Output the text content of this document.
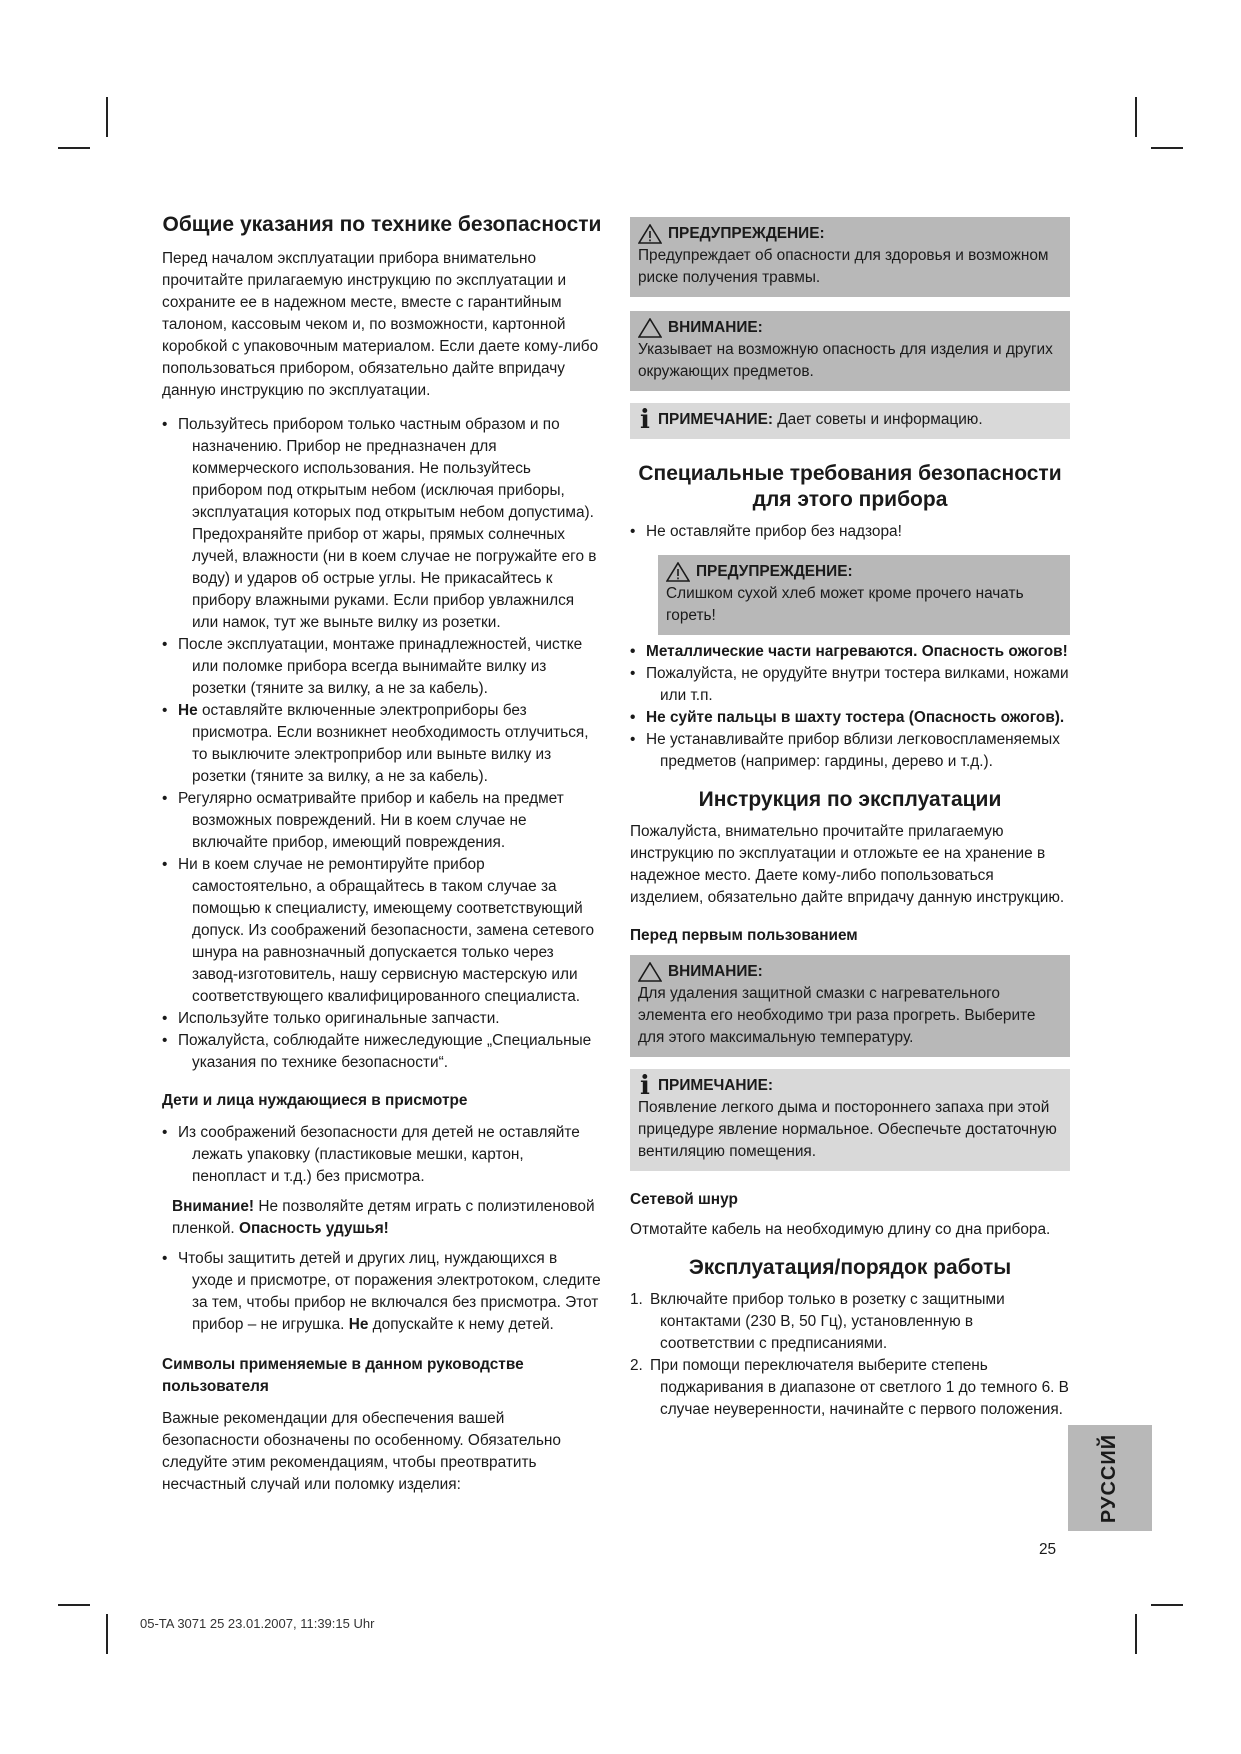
Общие указания по технике безопасности

Перед началом эксплуатации прибора внимательно прочитайте прилагаемую инструкцию по эксплуатации и сохраните ее в надежном месте, вместе с гарантийным талоном, кассовым чеком и, по возможности, картонной коробкой с упаковочным материалом. Если даете кому-либо попользоваться прибором, обязательно дайте впридачу данную инструкцию по эксплуатации.

• Пользуйтесь прибором только частным образом и по назначению. Прибор не предназначен для коммерческого использования. Не пользуйтесь прибором под открытым небом (исключая приборы, эксплуатация которых под открытым небом допустима). Предохраняйте прибор от жары, прямых солнечных лучей, влажности (ни в коем случае не погружайте его в воду) и ударов об острые углы. Не прикасайтесь к прибору влажными руками. Если прибор увлажнился или намок, тут же выньте вилку из розетки.
• После эксплуатации, монтаже принадлежностей, чистке или поломке прибора всегда вынимайте вилку из розетки (тяните за вилку, а не за кабель).
• Не оставляйте включенные электроприборы без присмотра. Если возникнет необходимость отлучиться, то выключите электроприбор или выньте вилку из розетки (тяните за вилку, а не за кабель).
• Регулярно осматривайте прибор и кабель на предмет возможных повреждений. Ни в коем случае не включайте прибор, имеющий повреждения.
• Ни в коем случае не ремонтируйте прибор самостоятельно, а обращайтесь в таком случае за помощью к специалисту, имеющему соответствующий допуск. Из соображений безопасности, замена сетевого шнура на равнозначный допускается только через завод-изготовитель, нашу сервисную мастерскую или соответствующего квалифицированного специалиста.
• Используйте только оригинальные запчасти.
• Пожалуйста, соблюдайте нижеследующие „Специальные указания по технике безопасности“.
Дети и лица нуждающиеся в присмотре
• Из соображений безопасности для детей не оставляйте лежать упаковку (пластиковые мешки, картон, пенопласт и т.д.) без присмотра.

Внимание! Не позволяйте детям играть с полиэтиленовой пленкой. Опасность удушья!

• Чтобы защитить детей и других лиц, нуждающихся в уходе и присмотре, от поражения электротоком, следите за тем, чтобы прибор не включался без присмотра. Этот прибор – не игрушка. Не допускайте к нему детей.
Символы применяемые в данном руководстве пользователя

Важные рекомендации для обеспечения вашей безопасности обозначены по особенному. Обязательно следуйте этим рекомендациям, чтобы преотвратить несчастный случай или поломку изделия:

ПРЕДУПРЕЖДЕНИЕ:

Предупреждает об опасности для здоровья и возможном риске получения травмы.

ВНИМАНИЕ:

Указывает на возможную опасность для изделия и других окружающих предметов.

i ПРИМЕЧАНИЕ: Дает советы и информацию.
Специальные требования безопасности
для этого прибора
• Не оставляйте прибор без надзора!
ПРЕДУПРЕЖДЕНИЕ:

Слишком сухой хлеб может кроме прочего начать гореть!

• Металлические части нагреваются. Опасность ожогов!
• Пожалуйста, не орудуйте внутри тостера вилками, ножами или т.п.
• Не суйте пальцы в шахту тостера (Опасность ожогов).
• Не устанавливайте прибор вблизи легковоспламеняемых предметов (например: гардины, дерево и т.д.).
Инструкция по эксплуатации

Пожалуйста, внимательно прочитайте прилагаемую инструкцию по эксплуатации и отложьте ее на хранение в надежное место. Даете кому-либо попользоваться изделием, обязательно дайте впридачу данную инструкцию.

Перед первым пользованием
ВНИМАНИЕ:

Для удаления защитной смазки с нагревательного элемента его необходимо три раза прогреть. Выберите для этого максимальную температуру.

i ПРИМЕЧАНИЕ:

Появление легкого дыма и постороннего запаха при этой прицедуре явление нормальное. Обеспечьте достаточную вентиляцию помещения.

Сетевой шнур

Отмотайте кабель на необходимую длину со дна прибора.

Эксплуатация/порядок работы
1. Включайте прибор только в розетку с защитными контактами (230 В, 50 Гц), установленную в соответствии с предписаниями.
2. При помощи переключателя выберите степень поджаривания в диапазоне от светлого 1 до темного 6. В случае неуверенности, начинайте с первого положения.
РУССИЙ
25
05-TA 3071 25 23.01.2007, 11:39:15 Uhr
